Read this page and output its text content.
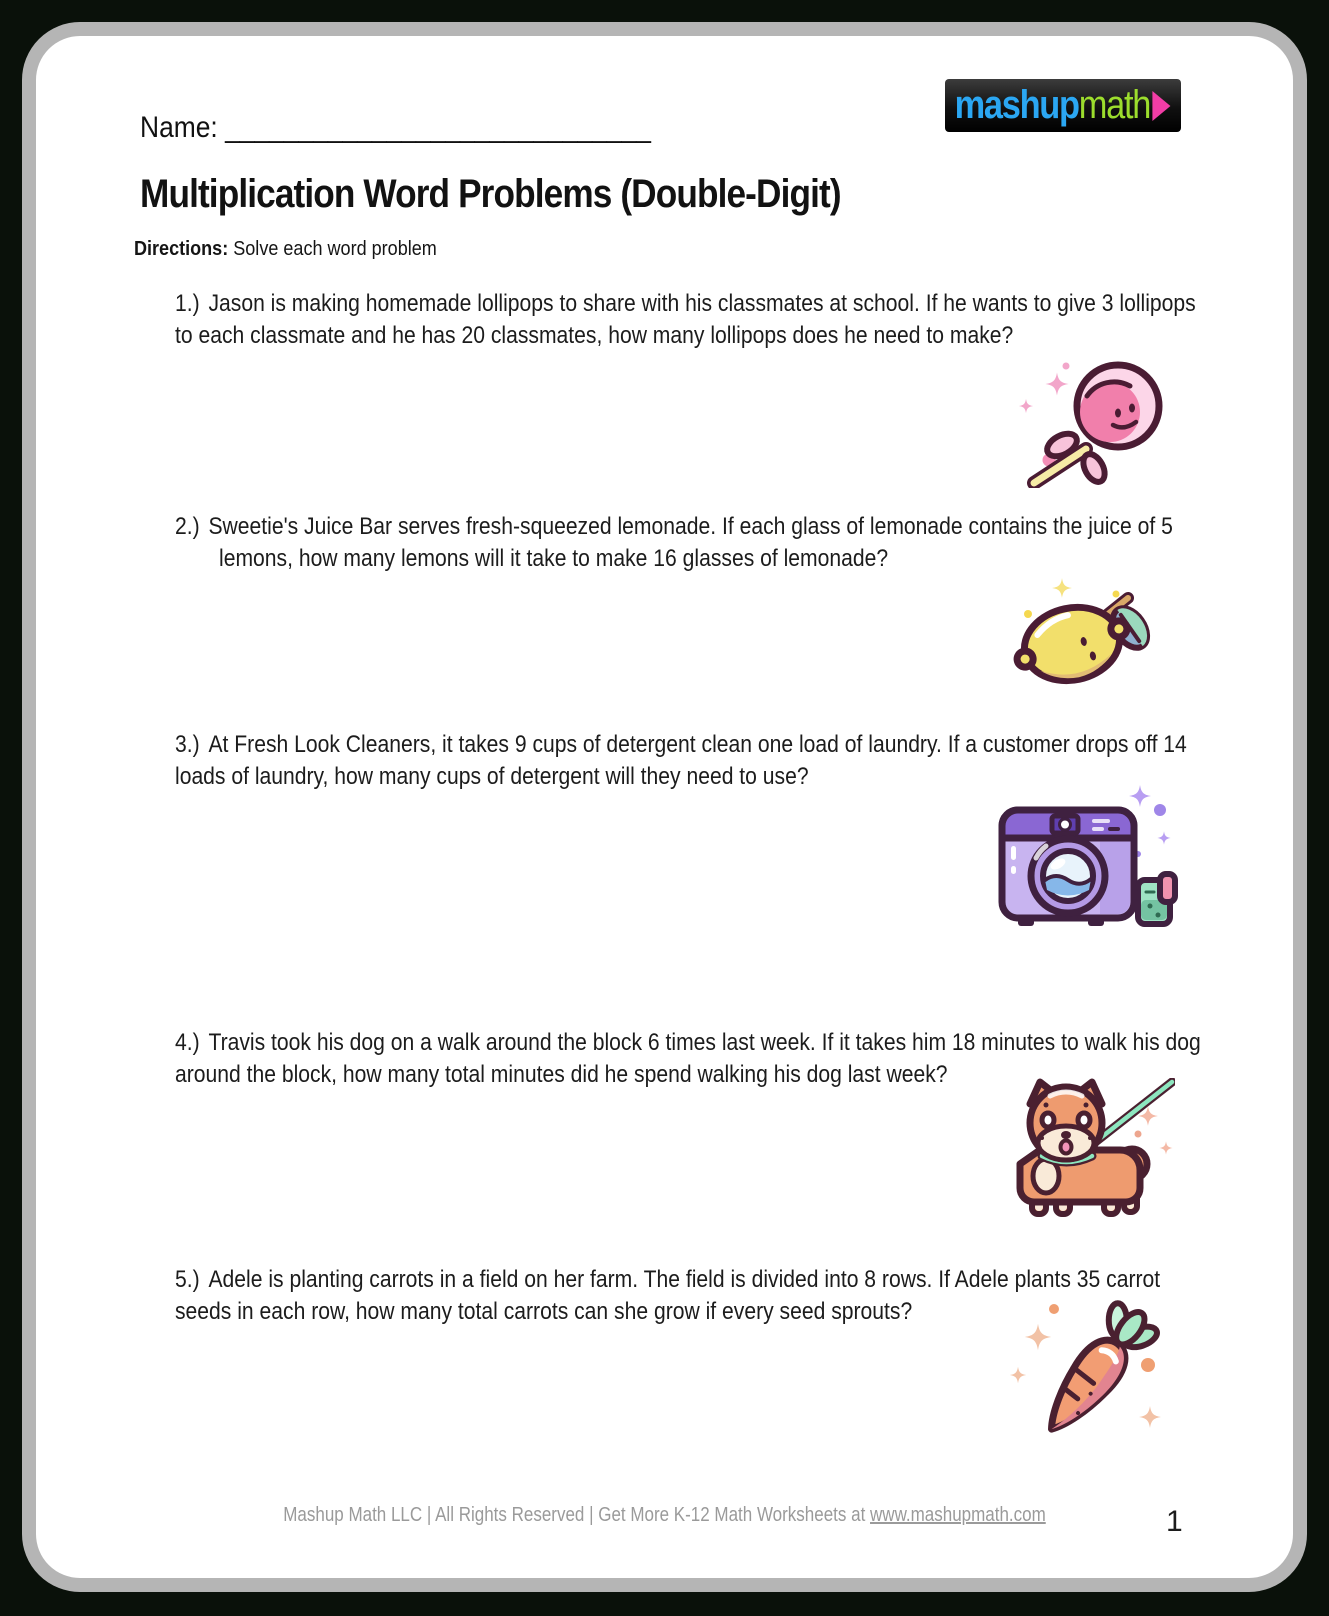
mashup math
Name: _____________________________
Multiplication Word Problems (Double-Digit)
Directions: Solve each word problem

1.) Jason is making homemade lollipops to share with his classmates at school. If he wants to give 3 lollipops to each classmate and he has 20 classmates, how many lollipops does he need to make?

2.) Sweetie's Juice Bar serves fresh-squeezed lemonade. If each glass of lemonade contains the juice of 5 lemons, how many lemons will it take to make 16 glasses of lemonade?

3.) At Fresh Look Cleaners, it takes 9 cups of detergent clean one load of laundry. If a customer drops off 14 loads of laundry, how many cups of detergent will they need to use?

4.) Travis took his dog on a walk around the block 6 times last week. If it takes him 18 minutes to walk his dog around the block, how many total minutes did he spend walking his dog last week?

5.) Adele is planting carrots in a field on her farm. The field is divided into 8 rows. If Adele plants 35 carrot seeds in each row, how many total carrots can she grow if every seed sprouts?

Mashup Math LLC | All Rights Reserved | Get More K-12 Math Worksheets at www.mashupmath.com	1
